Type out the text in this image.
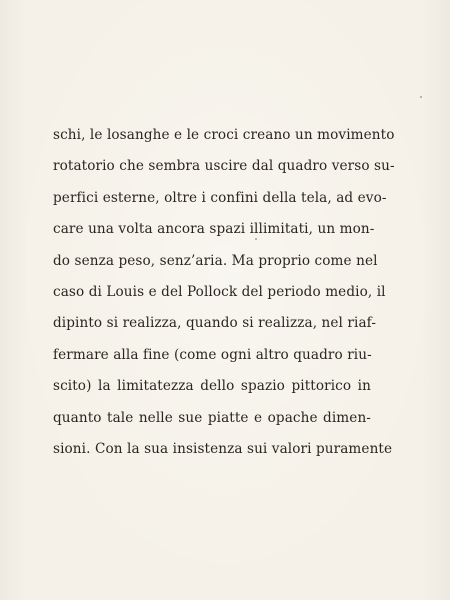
schi, le losanghe e le croci creano un movimento
rotatorio che sembra uscire dal quadro verso su-
perfici esterne, oltre i confini della tela, ad evo-
care una volta ancora spazi illimitati, un mon-
do senza peso, senz’aria. Ma proprio come nel
caso di Louis e del Pollock del periodo medio, il
dipinto si realizza, quando si realizza, nel riaf-
fermare alla fine (come ogni altro quadro riu-
scito) la limitatezza dello spazio pittorico in
quanto tale nelle sue piatte e opache dimen-
sioni. Con la sua insistenza sui valori puramente
